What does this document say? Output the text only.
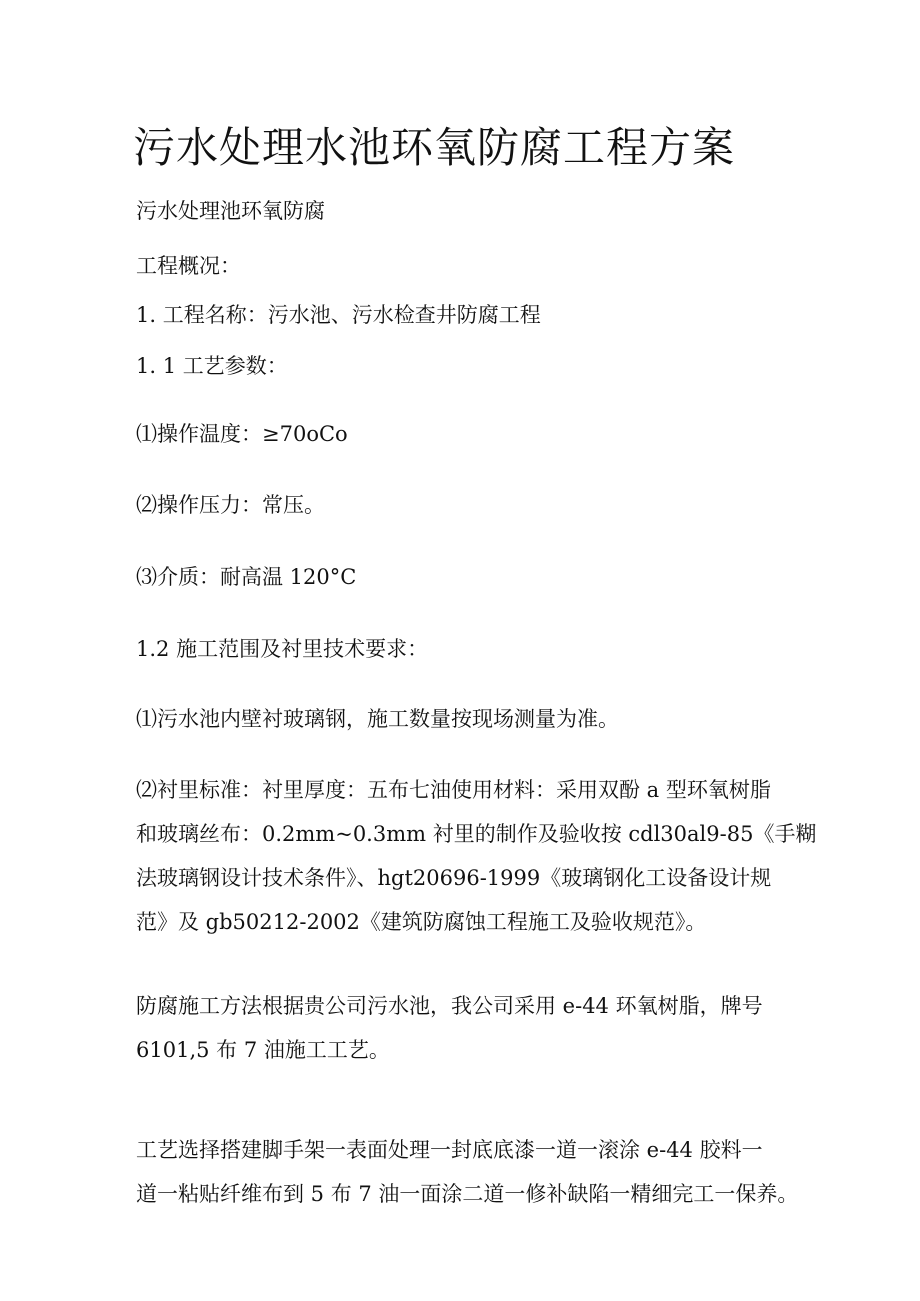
污水处理水池环氧防腐工程方案

污水处理池环氧防腐

工程概况：

1. 工程名称：污水池、污水检查井防腐工程

1. 1 工艺参数：

⑴操作温度：≥70oCo

⑵操作压力：常压。

⑶介质：耐高温 120°C

1.2 施工范围及衬里技术要求：

⑴污水池内壁衬玻璃钢，施工数量按现场测量为准。

⑵衬里标准：衬里厚度：五布七油使用材料：采用双酚 a 型环氧树脂
和玻璃丝布：0.2mm~0.3mm 衬里的制作及验收按 cdl30al9-85《手糊
法玻璃钢设计技术条件》、hgt20696-1999《玻璃钢化工设备设计规
范》及 gb50212-2002《建筑防腐蚀工程施工及验收规范》。
防腐施工方法根据贵公司污水池，我公司采用 e-44 环氧树脂，牌号
6101,5 布 7 油施工工艺。
工艺选择搭建脚手架一表面处理一封底底漆一道一滚涂 e-44 胶料一
道一粘贴纤维布到 5 布 7 油一面涂二道一修补缺陷一精细完工一保养。
